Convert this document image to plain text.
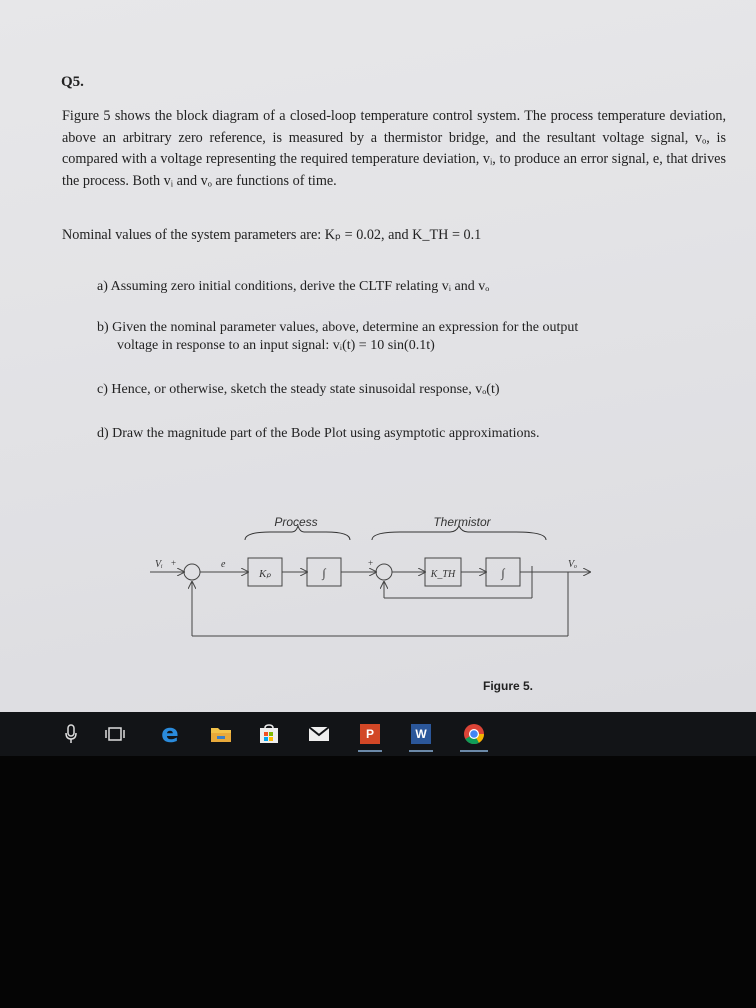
Q5.
Figure 5 shows the block diagram of a closed-loop temperature control system. The process temperature deviation, above an arbitrary zero reference, is measured by a thermistor bridge, and the resultant voltage signal, vₒ, is compared with a voltage representing the required temperature deviation, vᵢ, to produce an error signal, e, that drives the process. Both vᵢ and vₒ are functions of time.
Nominal values of the system parameters are: Kₚ = 0.02, and K_TH = 0.1
a) Assuming zero initial conditions, derive the CLTF relating vᵢ and vₒ
b) Given the nominal parameter values, above, determine an expression for the output
voltage in response to an input signal: vᵢ(t) = 10 sin(0.1t)
c) Hence, or otherwise, sketch the steady state sinusoidal response, vₒ(t)
d) Draw the magnitude part of the Bode Plot using asymptotic approximations.
Process	Thermistor
Vᵢ +	e
Kₚ	∫
+
K_TH	∫
Vₒ
Figure 5.
e	P	W
